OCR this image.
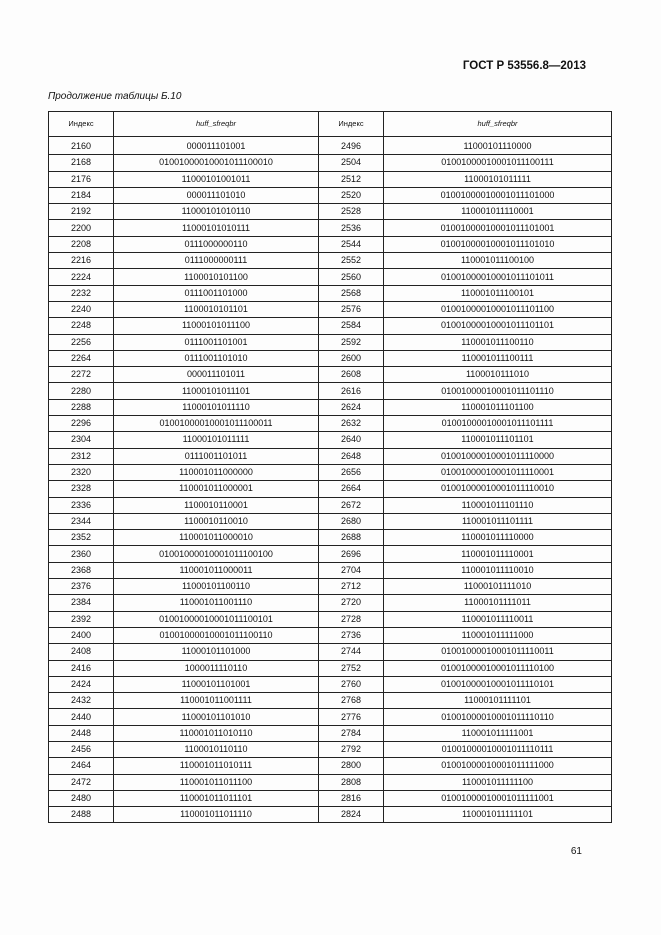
ГОСТ Р 53556.8—2013
Продолжение таблицы Б.10
Индекс	huff_sfreqbr	Индекс	huff_sfreqbr
2160	000011101001	2496	11000101110000
2168	01001000010001011100010	2504	01001000010001011100111
2176	11000101001011	2512	11000101011111
2184	000011101010	2520	01001000010001011101000
2192	11000101010110	2528	110001011110001
2200	11000101010111	2536	01001000010001011101001
2208	0111000000110	2544	01001000010001011101010
2216	0111000000111	2552	110001011100100
2224	1100010101100	2560	01001000010001011101011
2232	0111001101000	2568	110001011100101
2240	1100010101101	2576	01001000010001011101100
2248	11000101011100	2584	01001000010001011101101
2256	0111001101001	2592	110001011100110
2264	0111001101010	2600	110001011100111
2272	000011101011	2608	1100010111010
2280	11000101011101	2616	01001000010001011101110
2288	11000101011110	2624	110001011101100
2296	01001000010001011100011	2632	01001000010001011101111
2304	11000101011111	2640	110001011101101
2312	0111001101011	2648	01001000010001011110000
2320	110001011000000	2656	01001000010001011110001
2328	110001011000001	2664	01001000010001011110010
2336	1100010110001	2672	110001011101110
2344	1100010110010	2680	110001011101111
2352	110001011000010	2688	110001011110000
2360	01001000010001011100100	2696	110001011110001
2368	110001011000011	2704	110001011110010
2376	11000101100110	2712	11000101111010
2384	110001011001110	2720	11000101111011
2392	01001000010001011100101	2728	110001011110011
2400	01001000010001011100110	2736	110001011111000
2408	11000101101000	2744	01001000010001011110011
2416	1000011110110	2752	01001000010001011110100
2424	11000101101001	2760	01001000010001011110101
2432	110001011001111	2768	11000101111101
2440	11000101101010	2776	01001000010001011110110
2448	110001011010110	2784	110001011111001
2456	1100010110110	2792	01001000010001011110111
2464	110001011010111	2800	01001000010001011111000
2472	110001011011100	2808	110001011111100
2480	110001011011101	2816	01001000010001011111001
2488	110001011011110	2824	110001011111101
61
